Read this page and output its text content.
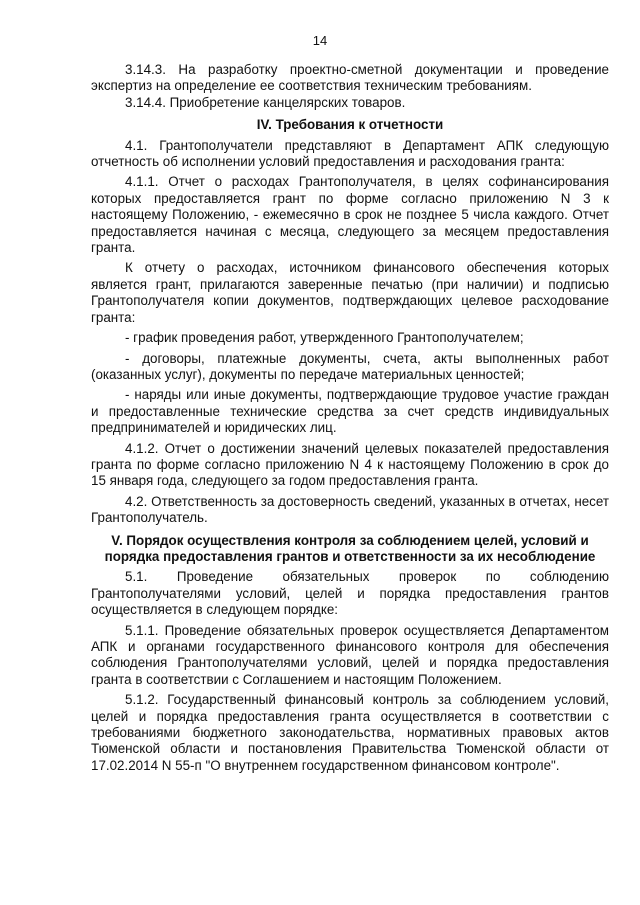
14

3.14.3. На разработку проектно-сметной документации и проведение экспертиз на определение ее соответствия техническим требованиям.

3.14.4. Приобретение канцелярских товаров.

IV. Требования к отчетности

4.1. Грантополучатели представляют в Департамент АПК следующую отчетность об исполнении условий предоставления и расходования гранта:

4.1.1. Отчет о расходах Грантополучателя, в целях софинансирования которых предоставляется грант по форме согласно приложению N 3 к настоящему Положению, - ежемесячно в срок не позднее 5 числа каждого. Отчет предоставляется начиная с месяца, следующего за месяцем предоставления гранта.

К отчету о расходах, источником финансового обеспечения которых является грант, прилагаются заверенные печатью (при наличии) и подписью Грантополучателя копии документов, подтверждающих целевое расходование гранта:

- график проведения работ, утвержденного Грантополучателем;

- договоры, платежные документы, счета, акты выполненных работ (оказанных услуг), документы по передаче материальных ценностей;

- наряды или иные документы, подтверждающие трудовое участие граждан и предоставленные технические средства за счет средств индивидуальных предпринимателей и юридических лиц.

4.1.2. Отчет о достижении значений целевых показателей предоставления гранта по форме согласно приложению N 4 к настоящему Положению в срок до 15 января года, следующего за годом предоставления гранта.

4.2. Ответственность за достоверность сведений, указанных в отчетах, несет Грантополучатель.

V. Порядок осуществления контроля за соблюдением целей, условий и порядка предоставления грантов и ответственности за их несоблюдение

5.1. Проведение обязательных проверок по соблюдению Грантополучателями условий, целей и порядка предоставления грантов осуществляется в следующем порядке:

5.1.1. Проведение обязательных проверок осуществляется Департаментом АПК и органами государственного финансового контроля для обеспечения соблюдения Грантополучателями условий, целей и порядка предоставления гранта в соответствии с Соглашением и настоящим Положением.

5.1.2. Государственный финансовый контроль за соблюдением условий, целей и порядка предоставления гранта осуществляется в соответствии с требованиями бюджетного законодательства, нормативных правовых актов Тюменской области и постановления Правительства Тюменской области от 17.02.2014 N 55-п "О внутреннем государственном финансовом контроле".
